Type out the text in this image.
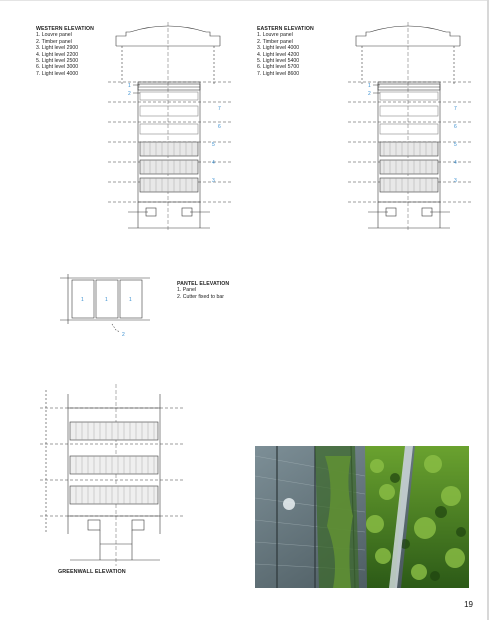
WESTERN ELEVATION
1. Louvre panel
2. Timber panel
3. Light level 2900
4. Light level 2200
5. Light level 2500
6. Light level 3000
7. Light level 4000
EASTERN ELEVATION
1. Louvre panel
2. Timber panel
3. Light level 4000
4. Light level 4200
5. Light level 5400
6. Light level 5700
7. Light level 8600
1
2
7
6
5
4
3
1
2
7
6
5
4
3
1	1	1
2
PANTEL ELEVATION
1. Panel
2. Cutter fixed to bar
GREENWALL ELEVATION
19
